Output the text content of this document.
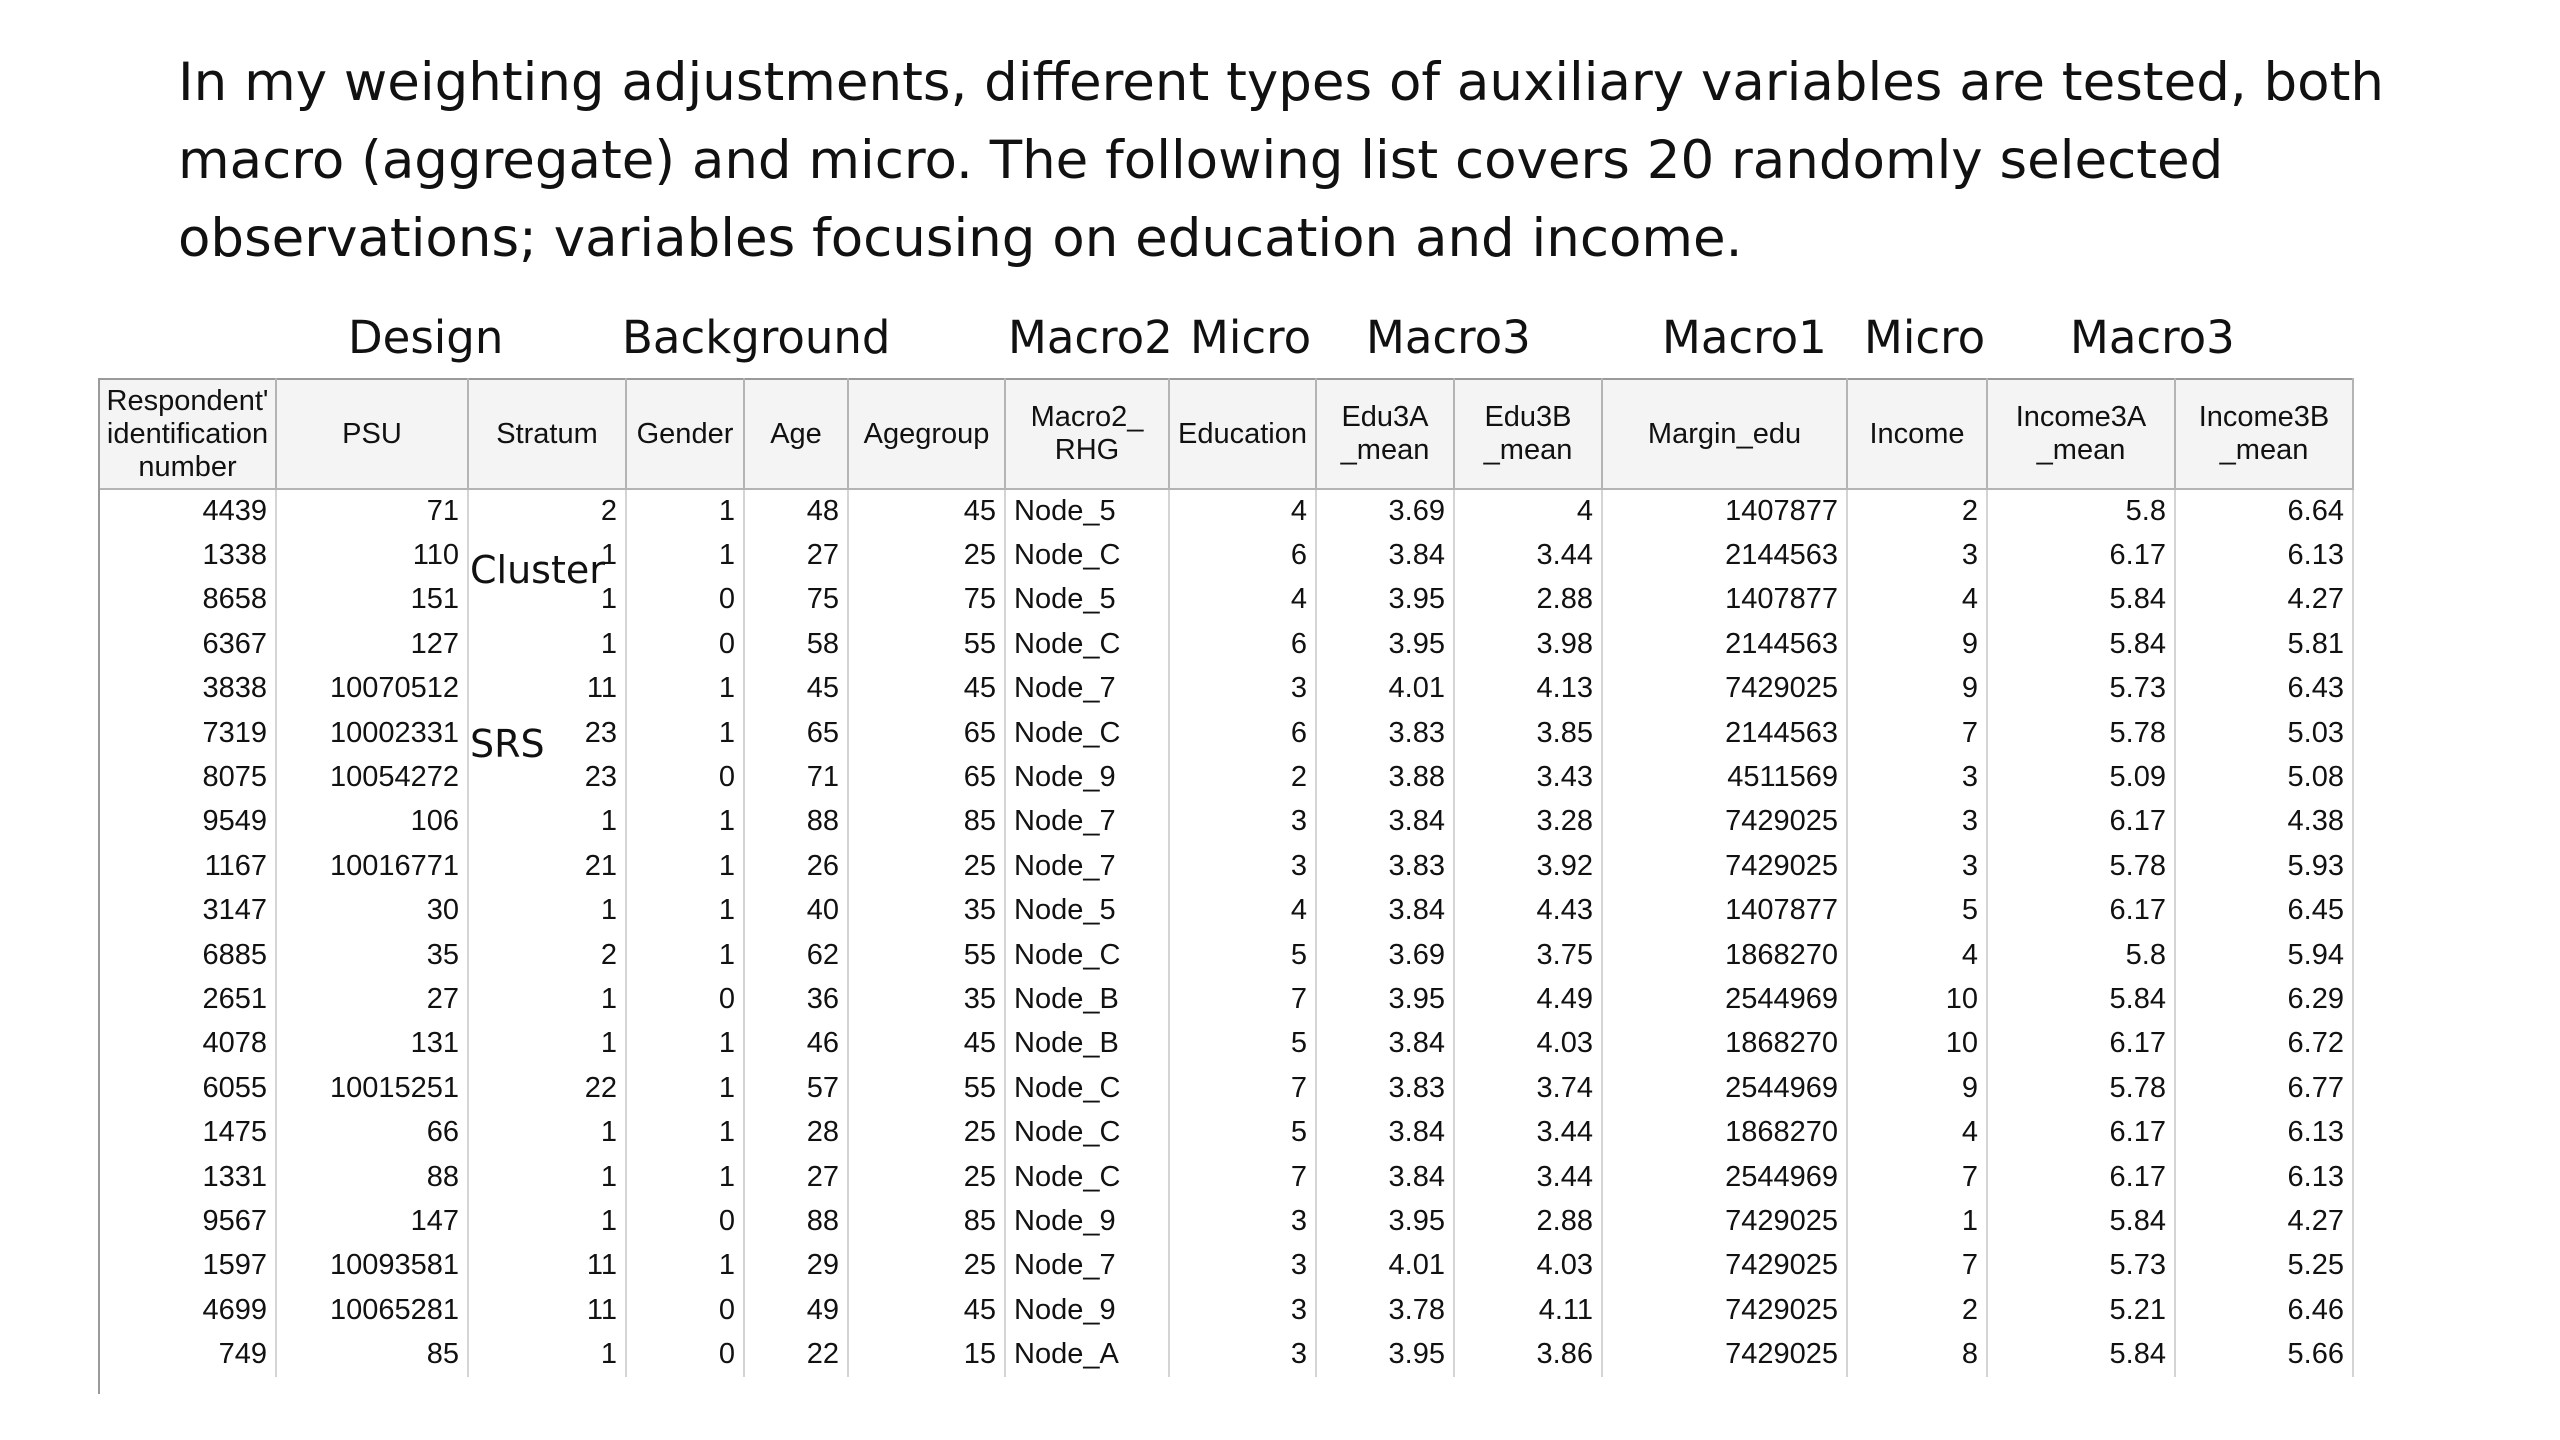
In my weighting adjustments, different types of auxiliary variables are tested, both
macro (aggregate) and micro. The following list covers 20 randomly selected
observations; variables focusing on education and income.
Design	Background	Macro2 Micro Macro3	Macro1 Micro Macro3
Respondent' identification number	PSU	Stratum	Gender	Age	Agegroup	Macro2_ RHG	Education	Edu3A _mean	Edu3B _mean	Margin_edu	Income	Income3A _mean	Income3B _mean
4439	71	2	1	48	45	Node_5	4	3.69	4	1407877	2	5.8	6.64
1338	110	1	1	27	25	Node_C	6	3.84	3.44	2144563	3	6.17	6.13
8658	151	1	0	75	75	Node_5	4	3.95	2.88	1407877	4	5.84	4.27
6367	127	1	0	58	55	Node_C	6	3.95	3.98	2144563	9	5.84	5.81
3838	10070512	11	1	45	45	Node_7	3	4.01	4.13	7429025	9	5.73	6.43
7319	10002331	23	1	65	65	Node_C	6	3.83	3.85	2144563	7	5.78	5.03
8075	10054272	23	0	71	65	Node_9	2	3.88	3.43	4511569	3	5.09	5.08
9549	106	1	1	88	85	Node_7	3	3.84	3.28	7429025	3	6.17	4.38
1167	10016771	21	1	26	25	Node_7	3	3.83	3.92	7429025	3	5.78	5.93
3147	30	1	1	40	35	Node_5	4	3.84	4.43	1407877	5	6.17	6.45
6885	35	2	1	62	55	Node_C	5	3.69	3.75	1868270	4	5.8	5.94
2651	27	1	0	36	35	Node_B	7	3.95	4.49	2544969	10	5.84	6.29
4078	131	1	1	46	45	Node_B	5	3.84	4.03	1868270	10	6.17	6.72
6055	10015251	22	1	57	55	Node_C	7	3.83	3.74	2544969	9	5.78	6.77
1475	66	1	1	28	25	Node_C	5	3.84	3.44	1868270	4	6.17	6.13
1331	88	1	1	27	25	Node_C	7	3.84	3.44	2544969	7	6.17	6.13
9567	147	1	0	88	85	Node_9	3	3.95	2.88	7429025	1	5.84	4.27
1597	10093581	11	1	29	25	Node_7	3	4.01	4.03	7429025	7	5.73	5.25
4699	10065281	11	0	49	45	Node_9	3	3.78	4.11	7429025	2	5.21	6.46
749	85	1	0	22	15	Node_A	3	3.95	3.86	7429025	8	5.84	5.66
Cluster
SRS
